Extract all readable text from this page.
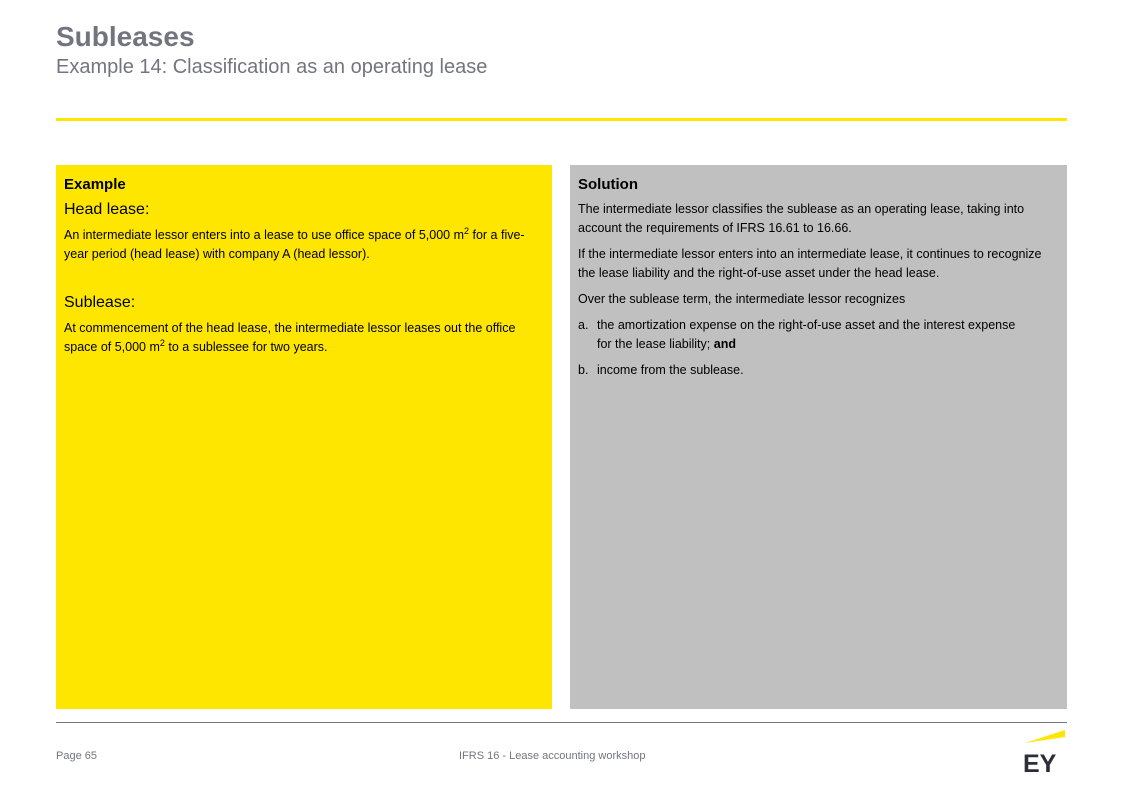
Subleases
Example 14: Classification as an operating lease
Example
Head lease:

An intermediate lessor enters into a lease to use office space of 5,000 $m^2$ for a five-year period (head lease) with company A (head lessor).

Sublease:

At commencement of the head lease, the intermediate lessor leases out the office space of 5,000 $m^2$ to a sublessee for two years.

Solution

The intermediate lessor classifies the sublease as an operating lease, taking into account the requirements of IFRS 16.61 to 16.66.

If the intermediate lessor enters into an intermediate lease, it continues to recognize the lease liability and the right-of-use asset under the head lease.

Over the sublease term, the intermediate lessor recognizes

a. the amortization expense on the right-of-use asset and the interest expense
for the lease liability; and
b. income from the sublease.
Page 65	IFRS 16 - Lease accounting workshop	EY
